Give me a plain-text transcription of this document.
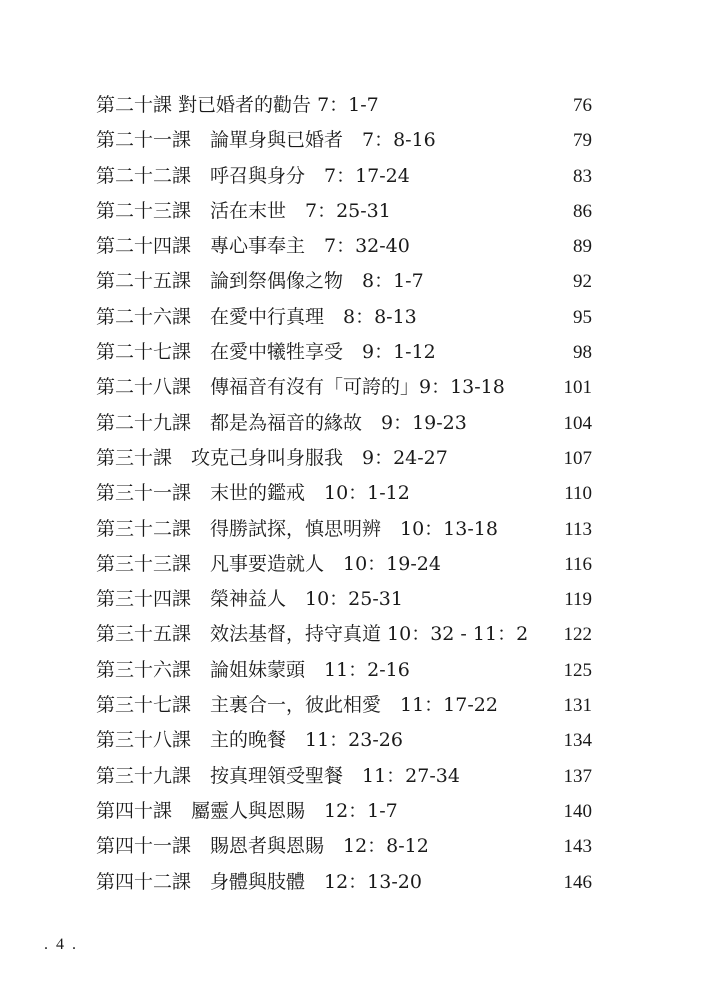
第二十課 對已婚者的勸告 7：1-7	76
第二十一課　論單身與已婚者　7：8-16	79
第二十二課　呼召與身分　7：17-24	83
第二十三課　活在末世　7：25-31	86
第二十四課　專心事奉主　7：32-40	89
第二十五課　論到祭偶像之物　8：1-7	92
第二十六課　在愛中行真理　8：8-13	95
第二十七課　在愛中犧牲享受　9：1-12	98
第二十八課　傳福音有沒有「可誇的」9：13-18	101
第二十九課　都是為福音的緣故　9：19-23	104
第三十課　攻克己身叫身服我　9：24-27	107
第三十一課　末世的鑑戒　10：1-12	110
第三十二課　得勝試探，慎思明辨　10：13-18	113
第三十三課　凡事要造就人　10：19-24	116
第三十四課　榮神益人　10：25-31	119
第三十五課　效法基督，持守真道 10：32 - 11：2	122
第三十六課　論姐妹蒙頭　11：2-16	125
第三十七課　主裏合一，彼此相愛　11：17-22	131
第三十八課　主的晚餐　11：23-26	134
第三十九課　按真理領受聖餐　11：27-34	137
第四十課　屬靈人與恩賜　12：1-7	140
第四十一課　賜恩者與恩賜　12：8-12	143
第四十二課　身體與肢體　12：13-20	146
. 4 .
